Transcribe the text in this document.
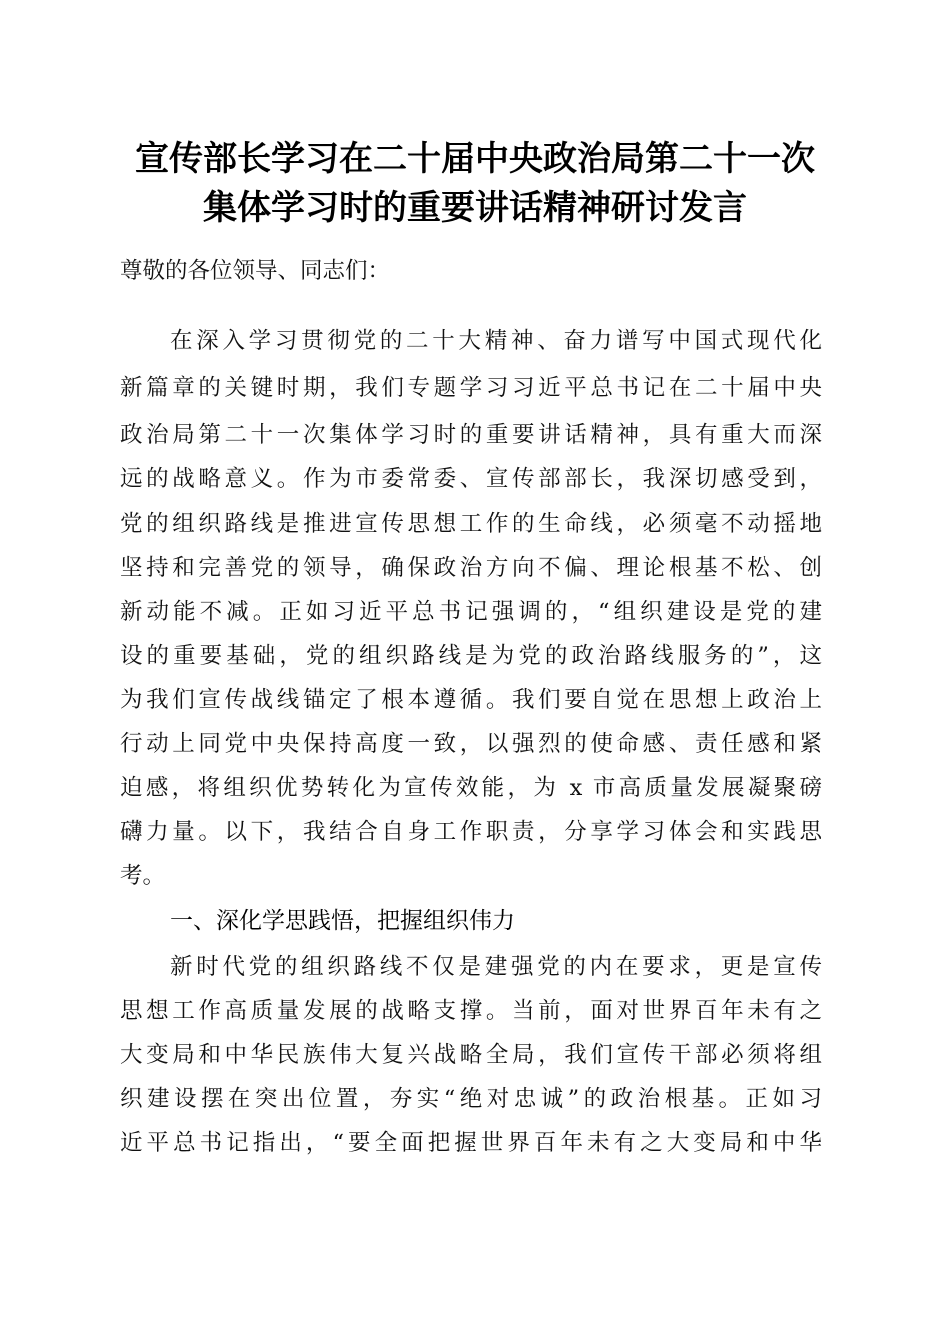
宣传部长学习在二十届中央政治局第二十一次
集体学习时的重要讲话精神研讨发言
尊敬的各位领导、同志们：
在深入学习贯彻党的二十大精神、奋力谱写中国式现代化
新篇章的关键时期，我们专题学习习近平总书记在二十届中央
政治局第二十一次集体学习时的重要讲话精神，具有重大而深
远的战略意义。作为市委常委、宣传部部长，我深切感受到，
党的组织路线是推进宣传思想工作的生命线，必须毫不动摇地
坚持和完善党的领导，确保政治方向不偏、理论根基不松、创
新动能不减。正如习近平总书记强调的，“组织建设是党的建
设的重要基础，党的组织路线是为党的政治路线服务的”，这
为我们宣传战线锚定了根本遵循。我们要自觉在思想上政治上
行动上同党中央保持高度一致，以强烈的使命感、责任感和紧
迫感，将组织优势转化为宣传效能，为 x 市高质量发展凝聚磅
礴力量。以下，我结合自身工作职责，分享学习体会和实践思
考。
一、深化学思践悟，把握组织伟力
新时代党的组织路线不仅是建强党的内在要求，更是宣传
思想工作高质量发展的战略支撑。当前，面对世界百年未有之
大变局和中华民族伟大复兴战略全局，我们宣传干部必须将组
织建设摆在突出位置，夯实“绝对忠诚”的政治根基。正如习
近平总书记指出，“要全面把握世界百年未有之大变局和中华
